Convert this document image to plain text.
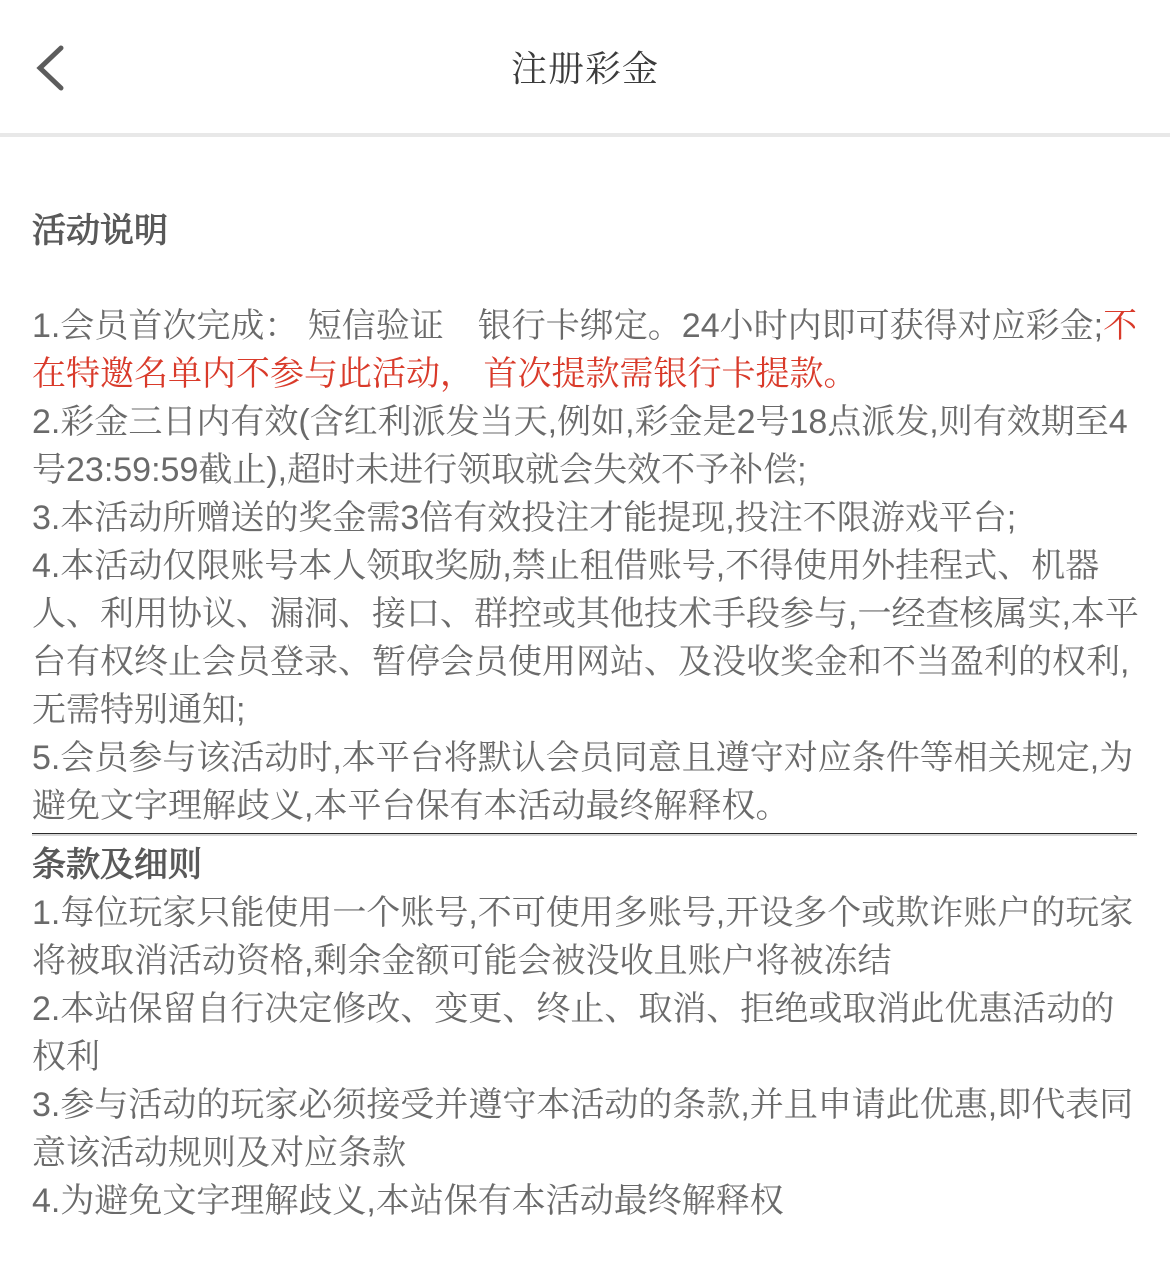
注册彩金
活动说明

1.会员首次完成： 短信验证　银行卡绑定。24小时内即可获得对应彩金;不在特邀名单内不参与此活动， 首次提款需银行卡提款。

2.彩金三日内有效(含红利派发当天,例如,彩金是2号18点派发,则有效期至4号23:59:59截止),超时未进行领取就会失效不予补偿;

3.本活动所赠送的奖金需3倍有效投注才能提现,投注不限游戏平台;

4.本活动仅限账号本人领取奖励,禁止租借账号,不得使用外挂程式、机器人、利用协议、漏洞、接口、群控或其他技术手段参与,一经查核属实,本平台有权终止会员登录、暂停会员使用网站、及没收奖金和不当盈利的权利, 无需特别通知;

5.会员参与该活动时,本平台将默认会员同意且遵守对应条件等相关规定,为避免文字理解歧义,本平台保有本活动最终解释权。

条款及细则

1.每位玩家只能使用一个账号,不可使用多账号,开设多个或欺诈账户的玩家将被取消活动资格,剩余金额可能会被没收且账户将被冻结

2.本站保留自行决定修改、变更、终止、取消、拒绝或取消此优惠活动的权利

3.参与活动的玩家必须接受并遵守本活动的条款,并且申请此优惠,即代表同意该活动规则及对应条款

4.为避免文字理解歧义,本站保有本活动最终解释权
